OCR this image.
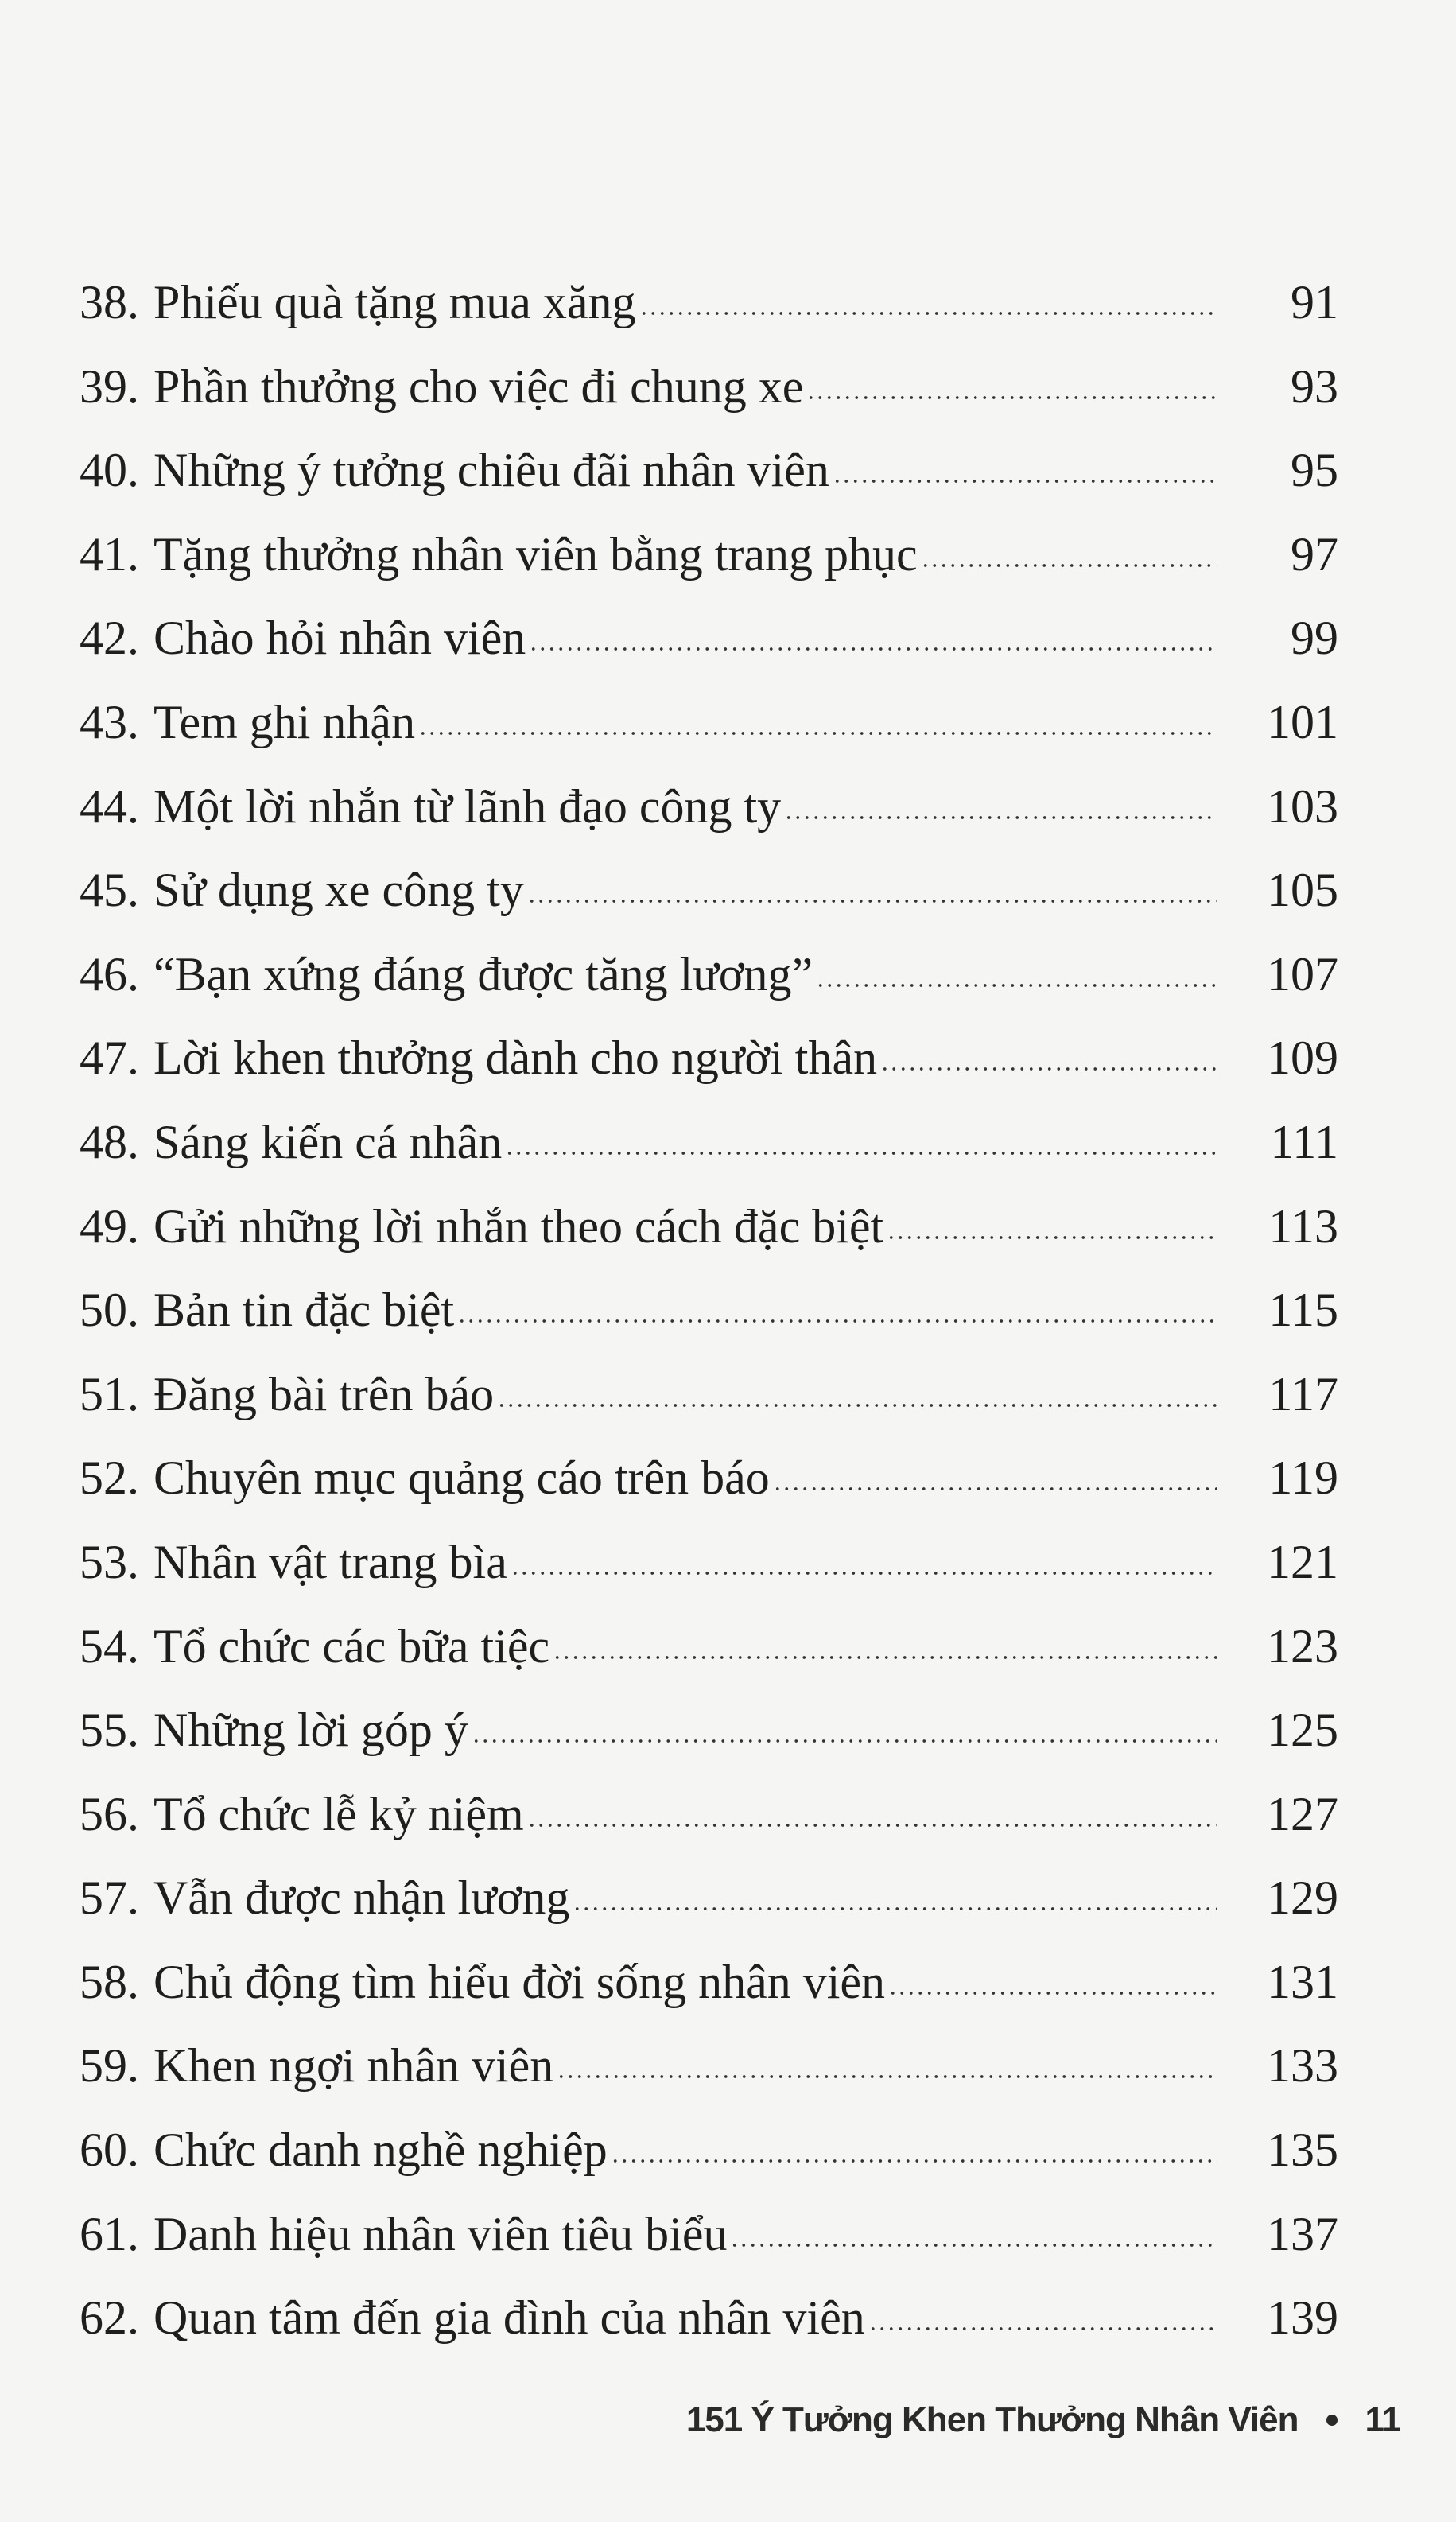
38. Phiếu quà tặng mua xăng	91
39. Phần thưởng cho việc đi chung xe	93
40. Những ý tưởng chiêu đãi nhân viên	95
41. Tặng thưởng nhân viên bằng trang phục	97
42. Chào hỏi nhân viên	99
43. Tem ghi nhận	101
44. Một lời nhắn từ lãnh đạo công ty	103
45. Sử dụng xe công ty	105
46. “Bạn xứng đáng được tăng lương”	107
47. Lời khen thưởng dành cho người thân	109
48. Sáng kiến cá nhân	111
49. Gửi những lời nhắn theo cách đặc biệt	113
50. Bản tin đặc biệt	115
51. Đăng bài trên báo	117
52. Chuyên mục quảng cáo trên báo	119
53. Nhân vật trang bìa	121
54. Tổ chức các bữa tiệc	123
55. Những lời góp ý	125
56. Tổ chức lễ kỷ niệm	127
57. Vẫn được nhận lương	129
58. Chủ động tìm hiểu đời sống nhân viên	131
59. Khen ngợi nhân viên	133
60. Chức danh nghề nghiệp	135
61. Danh hiệu nhân viên tiêu biểu	137
62. Quan tâm đến gia đình của nhân viên	139
151 Ý Tưởng Khen Thưởng Nhân Viên 11
